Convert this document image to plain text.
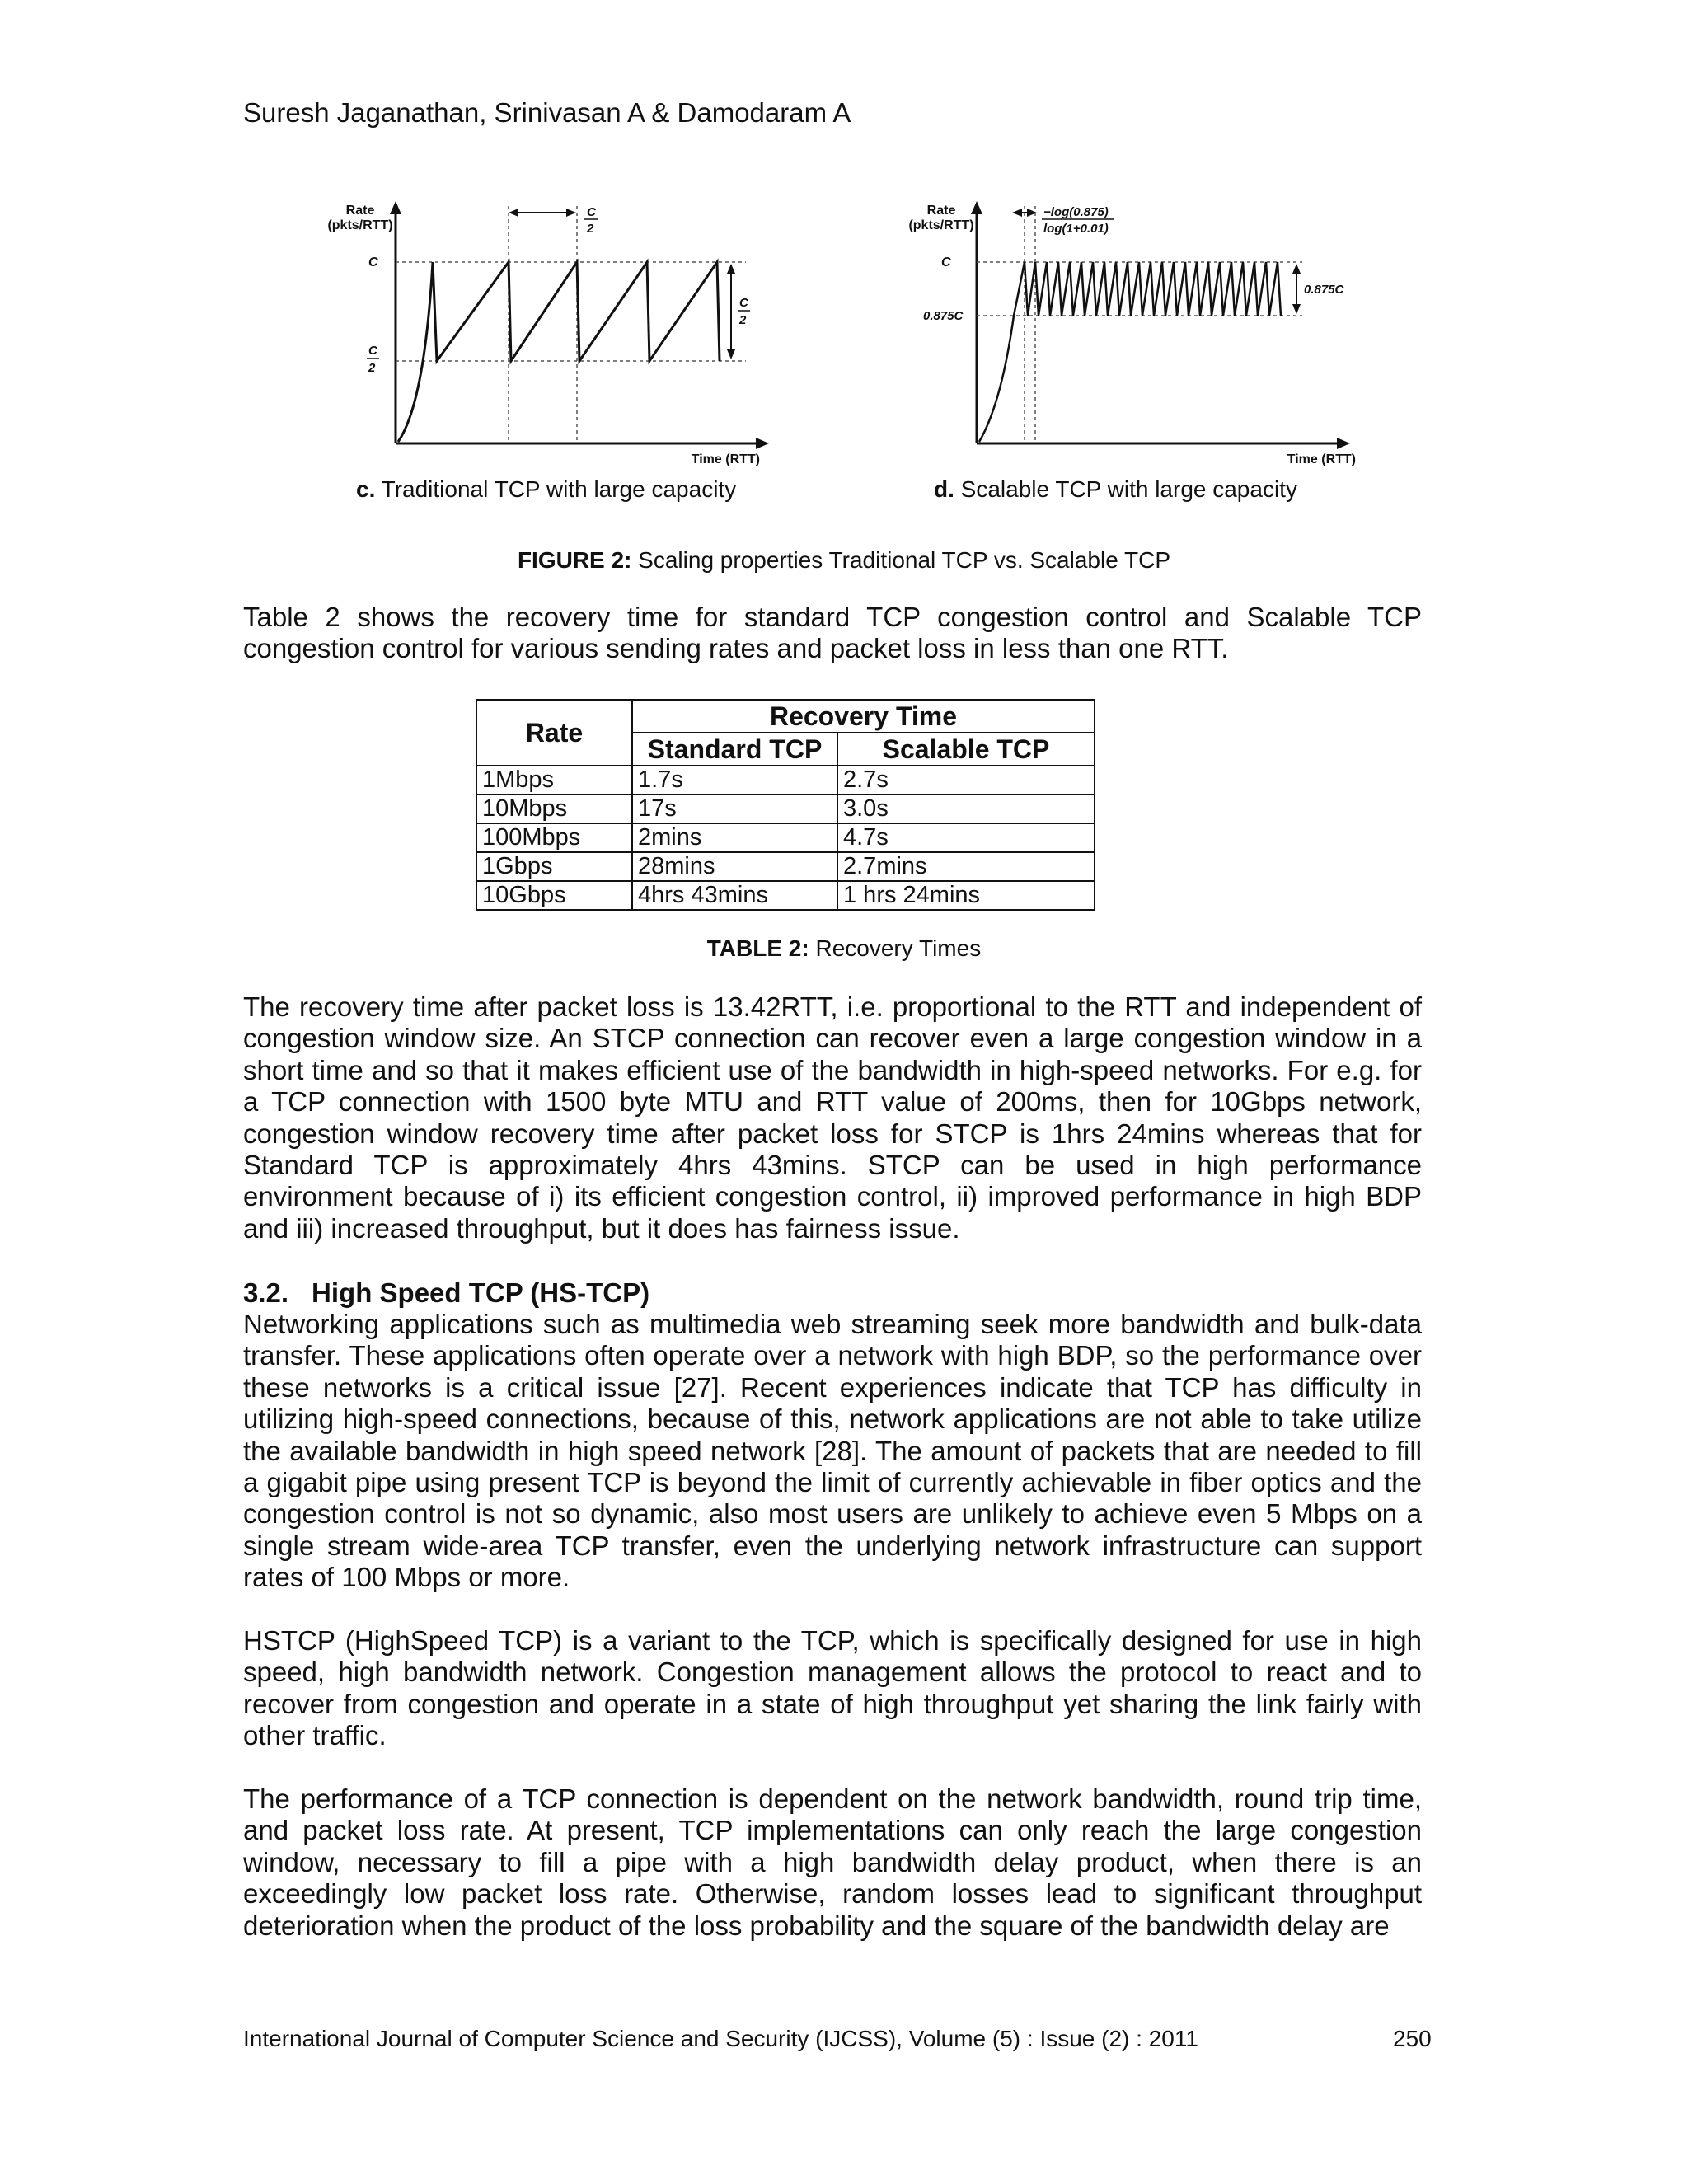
Suresh Jaganathan, Srinivasan A & Damodaram A
Rate
(pkts/RTT)
C
C
2
C
2
C
2
Time (RTT)
c. Traditional TCP with large capacity
Rate
(pkts/RTT)
C
0.875C
−log(0.875)
log(1+0.01)
0.875C
Time (RTT)
d. Scalable TCP with large capacity
FIGURE 2: Scaling properties Traditional TCP vs. Scalable TCP
Table 2 shows the recovery time for standard TCP congestion control and Scalable TCP congestion control for various sending rates and packet loss in less than one RTT.
Rate	Recovery Time	
	Standard TCP	Scalable TCP
1Mbps	1.7s	2.7s
10Mbps	17s	3.0s
100Mbps	2mins	4.7s
1Gbps	28mins	2.7mins
10Gbps	4hrs 43mins	1 hrs 24mins
TABLE 2: Recovery Times
The recovery time after packet loss is 13.42RTT, i.e. proportional to the RTT and independent of congestion window size. An STCP connection can recover even a large congestion window in a short time and so that it makes efficient use of the bandwidth in high-speed networks. For e.g. for a TCP connection with 1500 byte MTU and RTT value of 200ms, then for 10Gbps network, congestion window recovery time after packet loss for STCP is 1hrs 24mins whereas that for Standard TCP is approximately 4hrs 43mins. STCP can be used in high performance environment because of i) its efficient congestion control, ii) improved performance in high BDP and iii) increased throughput, but it does has fairness issue.
3.2. High Speed TCP (HS-TCP)
Networking applications such as multimedia web streaming seek more bandwidth and bulk-data transfer. These applications often operate over a network with high BDP, so the performance over these networks is a critical issue [27]. Recent experiences indicate that TCP has difficulty in utilizing high-speed connections, because of this, network applications are not able to take utilize the available bandwidth in high speed network [28]. The amount of packets that are needed to fill a gigabit pipe using present TCP is beyond the limit of currently achievable in fiber optics and the congestion control is not so dynamic, also most users are unlikely to achieve even 5 Mbps on a single stream wide-area TCP transfer, even the underlying network infrastructure can support rates of 100 Mbps or more.
HSTCP (HighSpeed TCP) is a variant to the TCP, which is specifically designed for use in high speed, high bandwidth network. Congestion management allows the protocol to react and to recover from congestion and operate in a state of high throughput yet sharing the link fairly with other traffic.
The performance of a TCP connection is dependent on the network bandwidth, round trip time, and packet loss rate. At present, TCP implementations can only reach the large congestion window, necessary to fill a pipe with a high bandwidth delay product, when there is an exceedingly low packet loss rate. Otherwise, random losses lead to significant throughput deterioration when the product of the loss probability and the square of the bandwidth delay are
International Journal of Computer Science and Security (IJCSS), Volume (5) : Issue (2) : 2011	250
